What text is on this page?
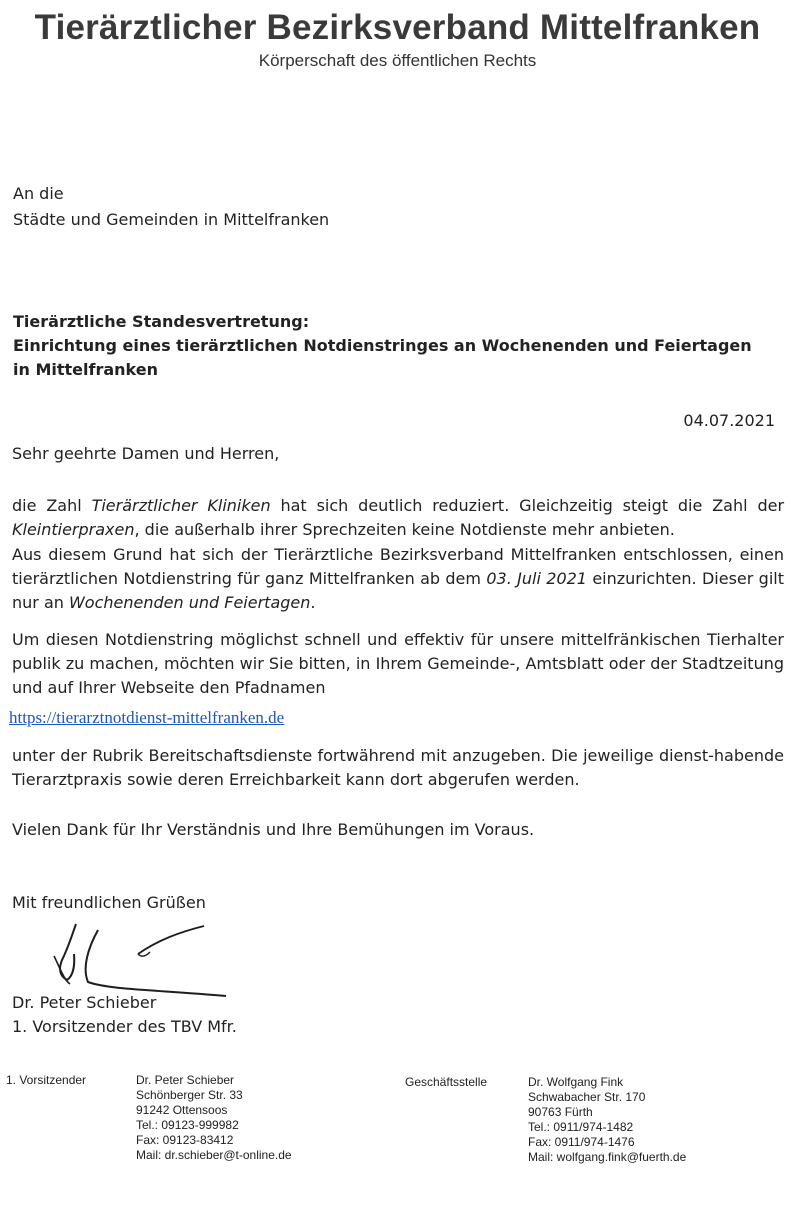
Tierärztlicher Bezirksverband Mittelfranken
Körperschaft des öffentlichen Rechts
An die
Städte und Gemeinden in Mittelfranken
Tierärztliche Standesvertretung:
Einrichtung eines tierärztlichen Notdienstringes an Wochenenden und Feiertagen in Mittelfranken
04.07.2021
Sehr geehrte Damen und Herren,
die Zahl Tierärztlicher Kliniken hat sich deutlich reduziert. Gleichzeitig steigt die Zahl der Kleintierpraxen, die außerhalb ihrer Sprechzeiten keine Notdienste mehr anbieten.
Aus diesem Grund hat sich der Tierärztliche Bezirksverband Mittelfranken entschlossen, einen tierärztlichen Notdienstring für ganz Mittelfranken ab dem 03. Juli 2021 einzurichten. Dieser gilt nur an Wochenenden und Feiertagen.
Um diesen Notdienstring möglichst schnell und effektiv für unsere mittelfränkischen Tierhalter publik zu machen, möchten wir Sie bitten, in Ihrem Gemeinde-, Amtsblatt oder der Stadtzeitung und auf Ihrer Webseite den Pfadnamen
https://tierarztnotdienst-mittelfranken.de
unter der Rubrik Bereitschaftsdienste fortwährend mit anzugeben. Die jeweilige dienst-habende Tierarztpraxis sowie deren Erreichbarkeit kann dort abgerufen werden.
Vielen Dank für Ihr Verständnis und Ihre Bemühungen im Voraus.
Mit freundlichen Grüßen
Dr. Peter Schieber
1. Vorsitzender des TBV Mfr.
1. Vorsitzender	Dr. Peter Schieber
Schönberger Str. 33
91242 Ottensoos
Tel.: 09123-999982
Fax: 09123-83412
Mail: dr.schieber@t-online.de
Geschäftsstelle	Dr. Wolfgang Fink
Schwabacher Str. 170
90763 Fürth
Tel.: 0911/974-1482
Fax: 0911/974-1476
Mail: wolfgang.fink@fuerth.de
